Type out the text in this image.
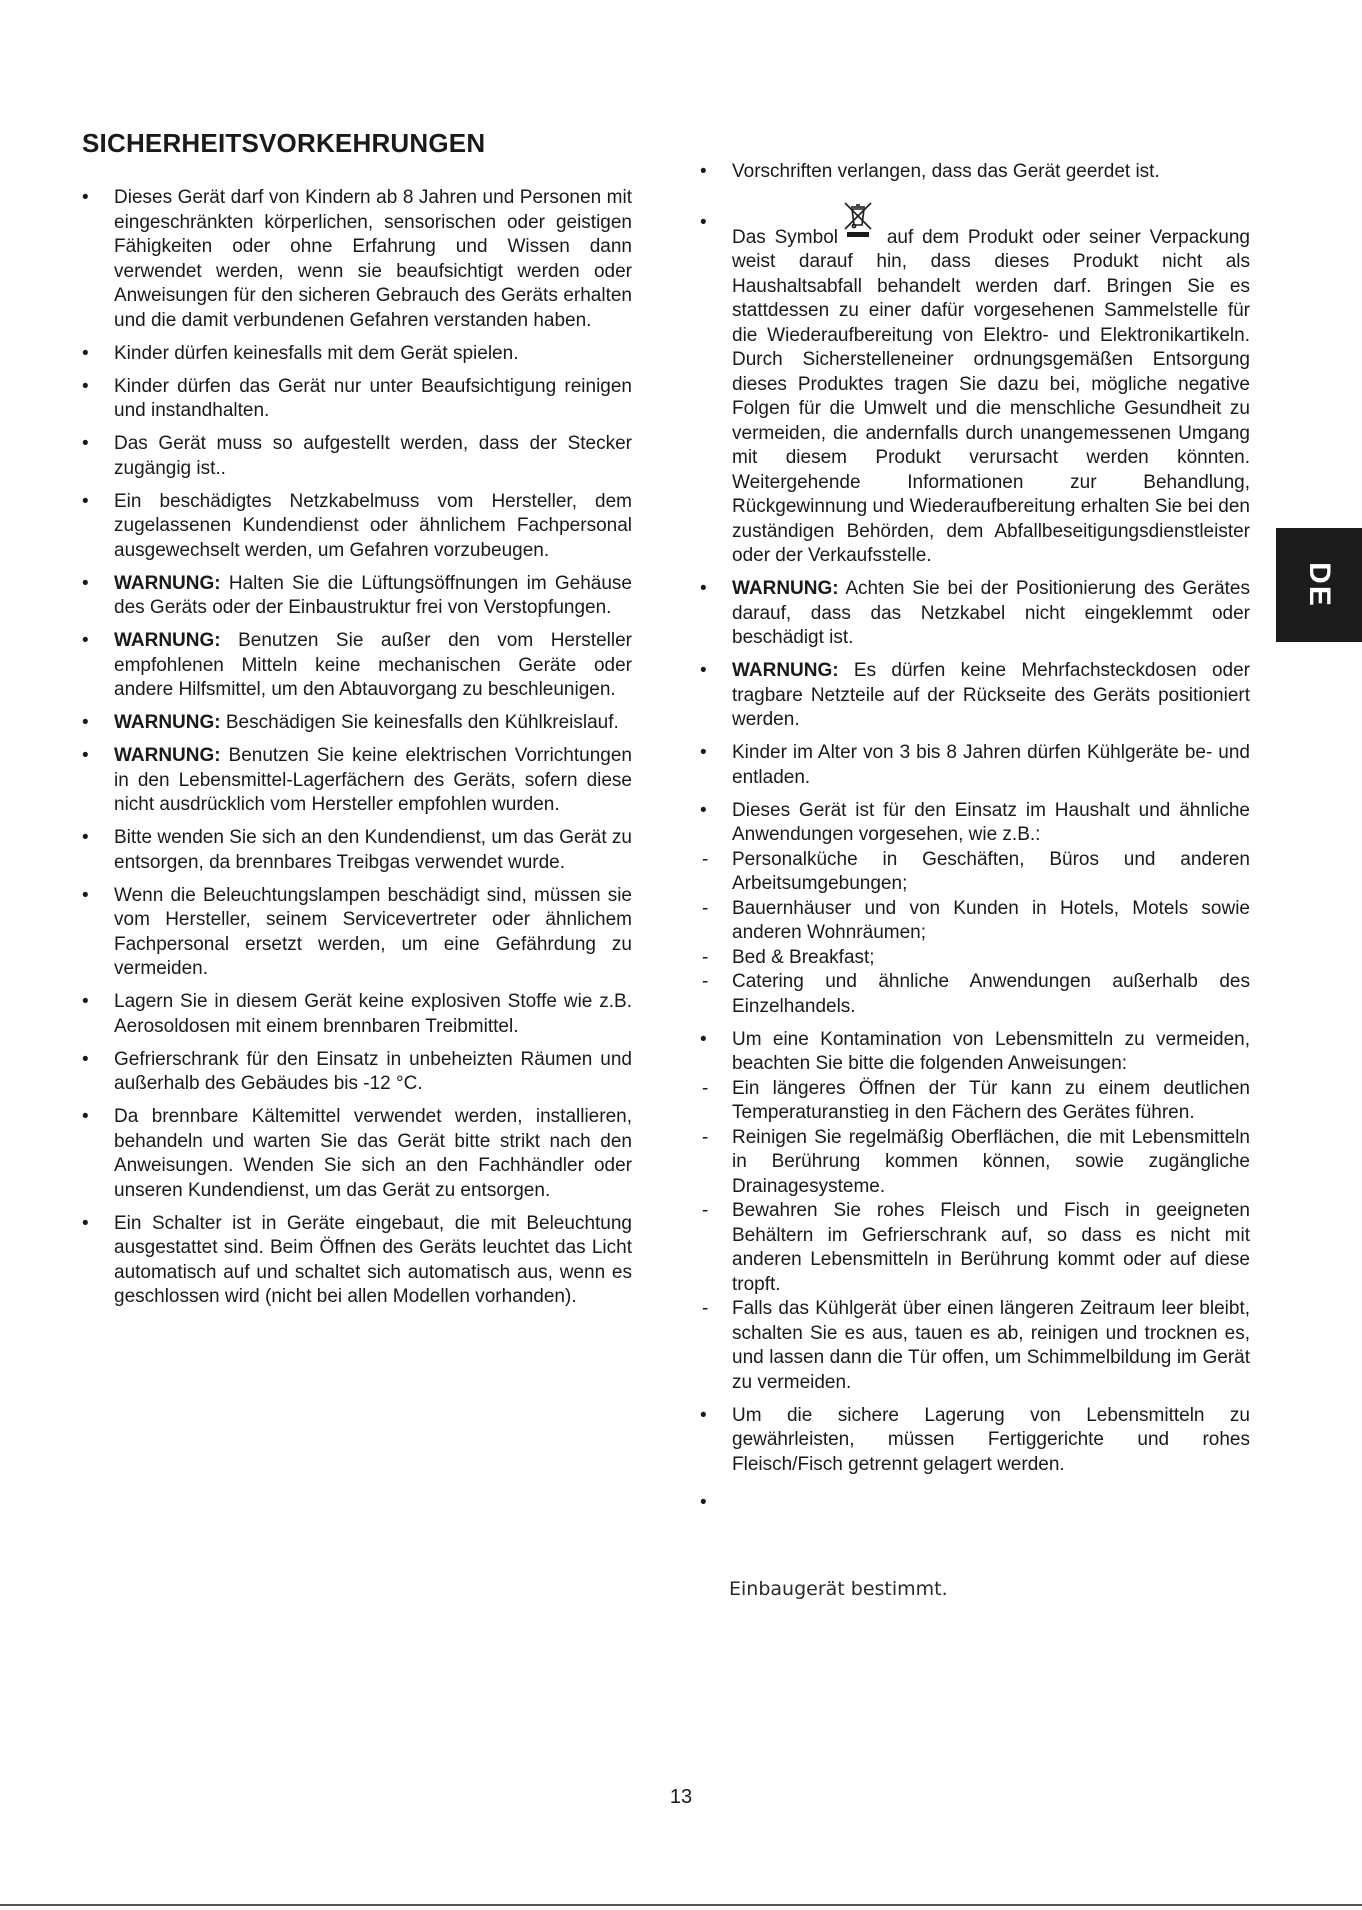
SICHERHEITSVORKEHRUNGEN
• Dieses Gerät darf von Kindern ab 8 Jahren und Personen mit eingeschränkten körperlichen, sensorischen oder geistigen Fähigkeiten oder ohne Erfahrung und Wissen dann verwendet werden, wenn sie beaufsichtigt werden oder Anweisungen für den sicheren Gebrauch des Geräts erhalten und die damit verbundenen Gefahren verstanden haben.
• Kinder dürfen keinesfalls mit dem Gerät spielen.
• Kinder dürfen das Gerät nur unter Beaufsichtigung reinigen und instandhalten.
• Das Gerät muss so aufgestellt werden, dass der Stecker zugängig ist..
• Ein beschädigtes Netzkabelmuss vom Hersteller, dem zugelassenen Kundendienst oder ähnlichem Fachpersonal ausgewechselt werden, um Gefahren vorzubeugen.
• WARNUNG: Halten Sie die Lüftungsöffnungen im Gehäuse des Geräts oder der Einbaustruktur frei von Verstopfungen.
• WARNUNG: Benutzen Sie außer den vom Hersteller empfohlenen Mitteln keine mechanischen Geräte oder andere Hilfsmittel, um den Abtauvorgang zu beschleunigen.
• WARNUNG: Beschädigen Sie keinesfalls den Kühlkreislauf.
• WARNUNG: Benutzen Sie keine elektrischen Vorrichtungen in den Lebensmittel-Lagerfächern des Geräts, sofern diese nicht ausdrücklich vom Hersteller empfohlen wurden.
• Bitte wenden Sie sich an den Kundendienst, um das Gerät zu entsorgen, da brennbares Treibgas verwendet wurde.
• Wenn die Beleuchtungslampen beschädigt sind, müssen sie vom Hersteller, seinem Servicevertreter oder ähnlichem Fachpersonal ersetzt werden, um eine Gefährdung zu vermeiden.
• Lagern Sie in diesem Gerät keine explosiven Stoffe wie z.B. Aerosoldosen mit einem brennbaren Treibmittel.
• Gefrierschrank für den Einsatz in unbeheizten Räumen und außerhalb des Gebäudes bis -12 °C.
• Da brennbare Kältemittel verwendet werden, installieren, behandeln und warten Sie das Gerät bitte strikt nach den Anweisungen. Wenden Sie sich an den Fachhändler oder unseren Kundendienst, um das Gerät zu entsorgen.
• Ein Schalter ist in Geräte eingebaut, die mit Beleuchtung ausgestattet sind. Beim Öffnen des Geräts leuchtet das Licht automatisch auf und schaltet sich automatisch aus, wenn es geschlossen wird (nicht bei allen Modellen vorhanden).
• Vorschriften verlangen, dass das Gerät geerdet ist.
• Das Symbol auf dem Produkt oder seiner Verpackung weist darauf hin, dass dieses Produkt nicht als Haushaltsabfall behandelt werden darf. Bringen Sie es stattdessen zu einer dafür vorgesehenen Sammelstelle für die Wiederaufbereitung von Elektro- und Elektronikartikeln. Durch Sicherstelleneiner ordnungsgemäßen Entsorgung dieses Produktes tragen Sie dazu bei, mögliche negative Folgen für die Umwelt und die menschliche Gesundheit zu vermeiden, die andernfalls durch unangemessenen Umgang mit diesem Produkt verursacht werden könnten. Weitergehende Informationen zur Behandlung, Rückgewinnung und Wiederaufbereitung erhalten Sie bei den zuständigen Behörden, dem Abfallbeseitigungsdienstleister oder der Verkaufsstelle.
• WARNUNG: Achten Sie bei der Positionierung des Gerätes darauf, dass das Netzkabel nicht eingeklemmt oder beschädigt ist.
• WARNUNG: Es dürfen keine Mehrfachsteckdosen oder tragbare Netzteile auf der Rückseite des Geräts positioniert werden.
• Kinder im Alter von 3 bis 8 Jahren dürfen Kühlgeräte be- und entladen.
• Dieses Gerät ist für den Einsatz im Haushalt und ähnliche Anwendungen vorgesehen, wie z.B.:
- Personalküche in Geschäften, Büros und anderen Arbeitsumgebungen;
- Bauernhäuser und von Kunden in Hotels, Motels sowie anderen Wohnräumen;
- Bed & Breakfast;
- Catering und ähnliche Anwendungen außerhalb des Einzelhandels.
• Um eine Kontamination von Lebensmitteln zu vermeiden, beachten Sie bitte die folgenden Anweisungen:
- Ein längeres Öffnen der Tür kann zu einem deutlichen Temperaturanstieg in den Fächern des Gerätes führen.
- Reinigen Sie regelmäßig Oberflächen, die mit Lebensmitteln in Berührung kommen können, sowie zugängliche Drainagesysteme.
- Bewahren Sie rohes Fleisch und Fisch in geeigneten Behältern im Gefrierschrank auf, so dass es nicht mit anderen Lebensmitteln in Berührung kommt oder auf diese tropft.
- Falls das Kühlgerät über einen längeren Zeitraum leer bleibt, schalten Sie es aus, tauen es ab, reinigen und trocknen es, und lassen dann die Tür offen, um Schimmelbildung im Gerät zu vermeiden.
• Um die sichere Lagerung von Lebensmitteln zu gewährleisten, müssen Fertiggerichte und rohes Fleisch/Fisch getrennt gelagert werden.
•

Einbaugerät bestimmt.

DE
13
